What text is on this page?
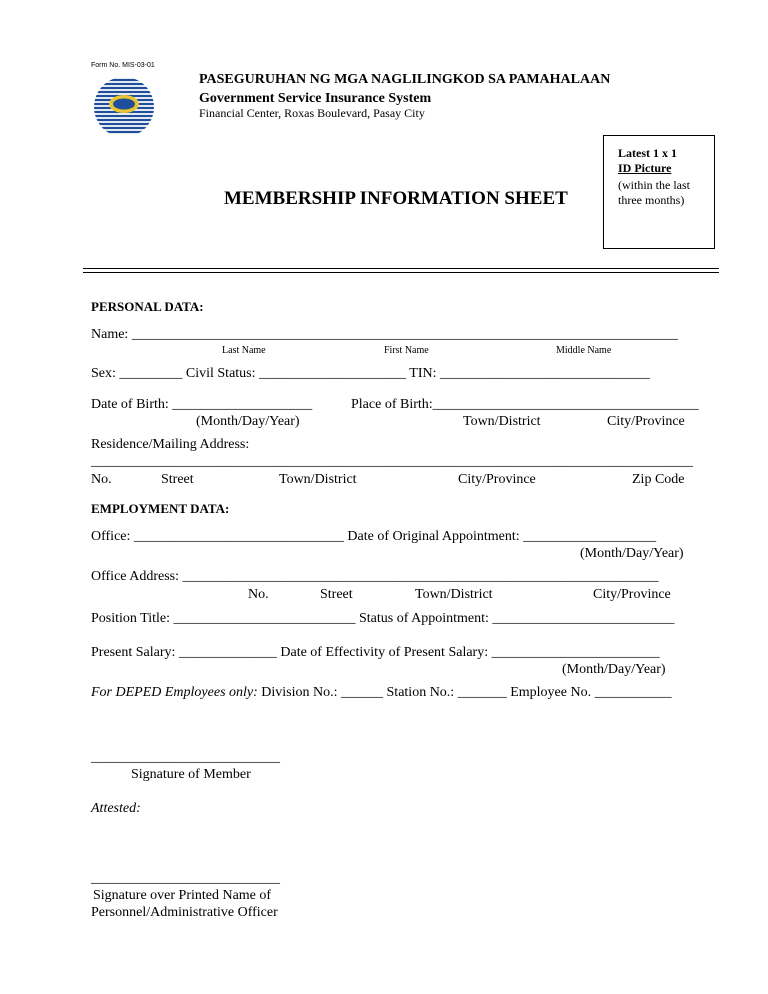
Form No. MIS-03-01
PASEGURUHAN NG MGA NAGLILINGKOD SA PAMAHALAAN
Government Service Insurance System
Financial Center, Roxas Boulevard, Pasay City
MEMBERSHIP INFORMATION SHEET
Latest 1 x 1
ID Picture
(within the last three months)
PERSONAL DATA:
Name: ______________________________________________________________________________
Last Name	First Name	Middle Name
Sex: _________ Civil Status: _____________________ TIN: ______________________________
Date of Birth: ____________________	Place of Birth:______________________________________
(Month/Day/Year)	Town/District	City/Province
Residence/Mailing Address:
______________________________________________________________________________________
No.	Street	Town/District	City/Province	Zip Code
EMPLOYMENT DATA:
Office: ______________________________ Date of Original Appointment: ___________________
(Month/Day/Year)
Office Address: ____________________________________________________________________
No.	Street	Town/District	City/Province
Position Title: __________________________ Status of Appointment: __________________________
Present Salary: ______________ Date of Effectivity of Present Salary: ________________________
(Month/Day/Year)
For DEPED Employees only: Division No.: ______ Station No.: _______ Employee No. ___________
___________________________
Signature of Member
Attested:
___________________________
Signature over Printed Name of
Personnel/Administrative Officer
